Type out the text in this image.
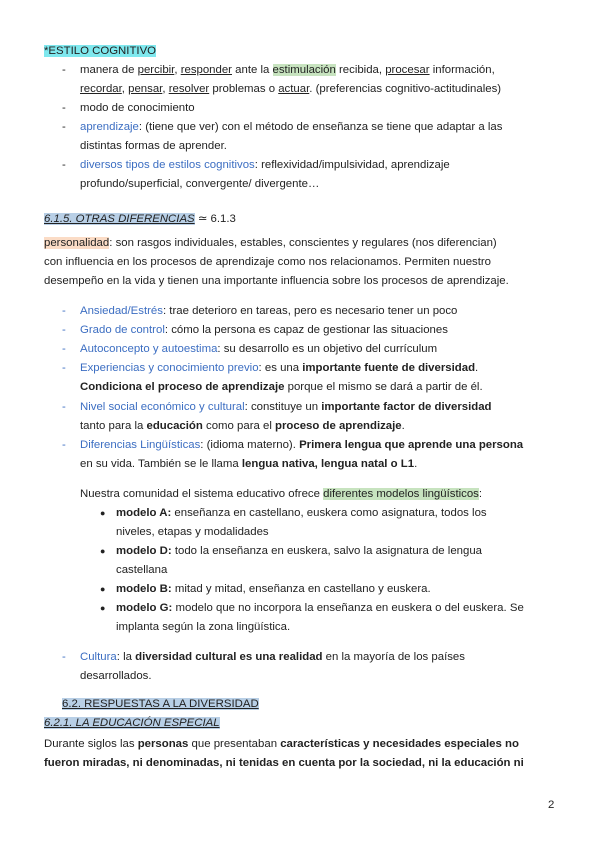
*ESTILO COGNITIVO
- manera de percibir, responder ante la estimulación recibida, procesar información,
recordar, pensar, resolver problemas o actuar. (preferencias cognitivo-actitudinales)
- modo de conocimiento
- aprendizaje: (tiene que ver) con el método de enseñanza se tiene que adaptar a las
distintas formas de aprender.
- diversos tipos de estilos cognitivos: reflexividad/impulsividad, aprendizaje
profundo/superficial, convergente/ divergente…
6.1.5. OTRAS DIFERENCIAS ≃ 6.1.3
personalidad: son rasgos individuales, estables, conscientes y regulares (nos diferencian)
con influencia en los procesos de aprendizaje como nos relacionamos. Permiten nuestro
desempeño en la vida y tienen una importante influencia sobre los procesos de aprendizaje.
- Ansiedad/Estrés: trae deterioro en tareas, pero es necesario tener un poco
- Grado de control: cómo la persona es capaz de gestionar las situaciones
- Autoconcepto y autoestima: su desarrollo es un objetivo del currículum
- Experiencias y conocimiento previo: es una importante fuente de diversidad.
Condiciona el proceso de aprendizaje porque el mismo se dará a partir de él.
- Nivel social económico y cultural: constituye un importante factor de diversidad
tanto para la educación como para el proceso de aprendizaje.
- Diferencias Lingüísticas: (idioma materno). Primera lengua que aprende una persona
en su vida. También se le llama lengua nativa, lengua natal o L1.
Nuestra comunidad el sistema educativo ofrece diferentes modelos lingüísticos:
● modelo A: enseñanza en castellano, euskera como asignatura, todos los
niveles, etapas y modalidades
● modelo D: todo la enseñanza en euskera, salvo la asignatura de lengua
castellana
● modelo B: mitad y mitad, enseñanza en castellano y euskera.
● modelo G: modelo que no incorpora la enseñanza en euskera o del euskera. Se
implanta según la zona lingüística.
- Cultura: la diversidad cultural es una realidad en la mayoría de los países
desarrollados.
6.2. RESPUESTAS A LA DIVERSIDAD
6.2.1. LA EDUCACIÓN ESPECIAL
Durante siglos las personas que presentaban características y necesidades especiales no
fueron miradas, ni denominadas, ni tenidas en cuenta por la sociedad, ni la educación ni
2
